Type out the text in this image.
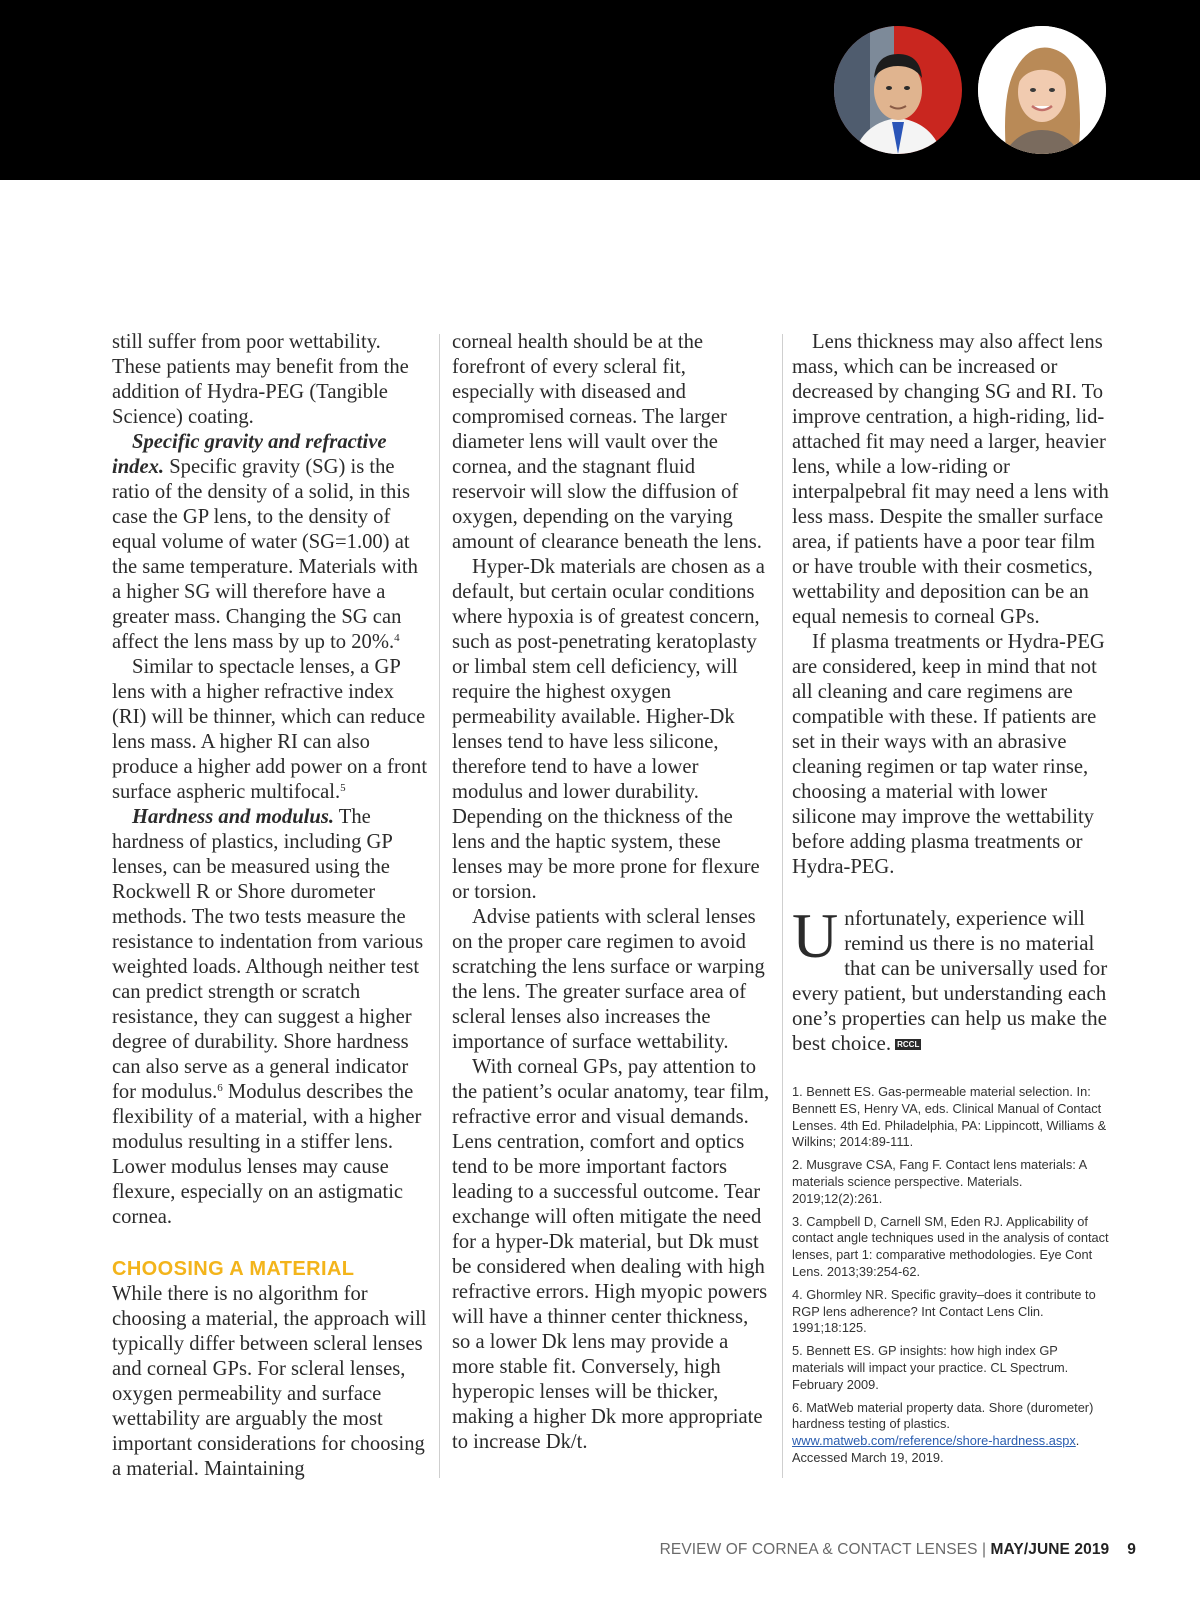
still suffer from poor wettability. These patients may benefit from the addition of Hydra-PEG (Tangible Science) coating.

Specific gravity and refractive index. Specific gravity (SG) is the ratio of the density of a solid, in this case the GP lens, to the density of equal volume of water (SG=1.00) at the same temperature. Materials with a higher SG will therefore have a greater mass. Changing the SG can affect the lens mass by up to 20%.$^4$

Similar to spectacle lenses, a GP lens with a higher refractive index (RI) will be thinner, which can reduce lens mass. A higher RI can also produce a higher add power on a front surface aspheric multifocal.$^5$

Hardness and modulus. The hardness of plastics, including GP lenses, can be measured using the Rockwell R or Shore durometer methods. The two tests measure the resistance to indentation from various weighted loads. Although neither test can predict strength or scratch resistance, they can suggest a higher degree of durability. Shore hardness can also serve as a general indicator for modulus.$^6$ Modulus describes the flexibility of a material, with a higher modulus resulting in a stiffer lens. Lower modulus lenses may cause flexure, especially on an astigmatic cornea.

CHOOSING A MATERIAL

While there is no algorithm for choosing a material, the approach will typically differ between scleral lenses and corneal GPs. For scleral lenses, oxygen permeability and surface wettability are arguably the most important considerations for choosing a material. Maintaining

corneal health should be at the forefront of every scleral fit, especially with diseased and compromised corneas. The larger diameter lens will vault over the cornea, and the stagnant fluid reservoir will slow the diffusion of oxygen, depending on the varying amount of clearance beneath the lens.

Hyper-Dk materials are chosen as a default, but certain ocular conditions where hypoxia is of greatest concern, such as post-penetrating keratoplasty or limbal stem cell deficiency, will require the highest oxygen permeability available. Higher-Dk lenses tend to have less silicone, therefore tend to have a lower modulus and lower durability. Depending on the thickness of the lens and the haptic system, these lenses may be more prone for flexure or torsion.

Advise patients with scleral lenses on the proper care regimen to avoid scratching the lens surface or warping the lens. The greater surface area of scleral lenses also increases the importance of surface wettability.

With corneal GPs, pay attention to the patient’s ocular anatomy, tear film, refractive error and visual demands. Lens centration, comfort and optics tend to be more important factors leading to a successful outcome. Tear exchange will often mitigate the need for a hyper-Dk material, but Dk must be considered when dealing with high refractive errors. High myopic powers will have a thinner center thickness, so a lower Dk lens may provide a more stable fit. Conversely, high hyperopic lenses will be thicker, making a higher Dk more appropriate to increase Dk/t.

Lens thickness may also affect lens mass, which can be increased or decreased by changing SG and RI. To improve centration, a high-riding, lid-attached fit may need a larger, heavier lens, while a low-riding or interpalpebral fit may need a lens with less mass. Despite the smaller surface area, if patients have a poor tear film or have trouble with their cosmetics, wettability and deposition can be an equal nemesis to corneal GPs.

If plasma treatments or Hydra-PEG are considered, keep in mind that not all cleaning and care regimens are compatible with these. If patients are set in their ways with an abrasive cleaning regimen or tap water rinse, choosing a material with lower silicone may improve the wettability before adding plasma treatments or Hydra-PEG.

Unfortunately, experience will remind us there is no material that can be universally used for every patient, but understanding each one’s properties can help us make the best choice. RCCL

1. Bennett ES. Gas-permeable material selection. In: Bennett ES, Henry VA, eds. Clinical Manual of Contact Lenses. 4th Ed. Philadelphia, PA: Lippincott, Williams & Wilkins; 2014:89-111.

2. Musgrave CSA, Fang F. Contact lens materials: A materials science perspective. Materials. 2019;12(2):261.

3. Campbell D, Carnell SM, Eden RJ. Applicability of contact angle techniques used in the analysis of contact lenses, part 1: comparative methodologies. Eye Cont Lens. 2013;39:254-62.

4. Ghormley NR. Specific gravity–does it contribute to RGP lens adherence? Int Contact Lens Clin. 1991;18:125.

5. Bennett ES. GP insights: how high index GP materials will impact your practice. CL Spectrum. February 2009.

6. MatWeb material property data. Shore (durometer) hardness testing of plastics. www.matweb.com/reference/shore-hardness.aspx. Accessed March 19, 2019.

REVIEW OF CORNEA & CONTACT LENSES | MAY/JUNE 2019 9
